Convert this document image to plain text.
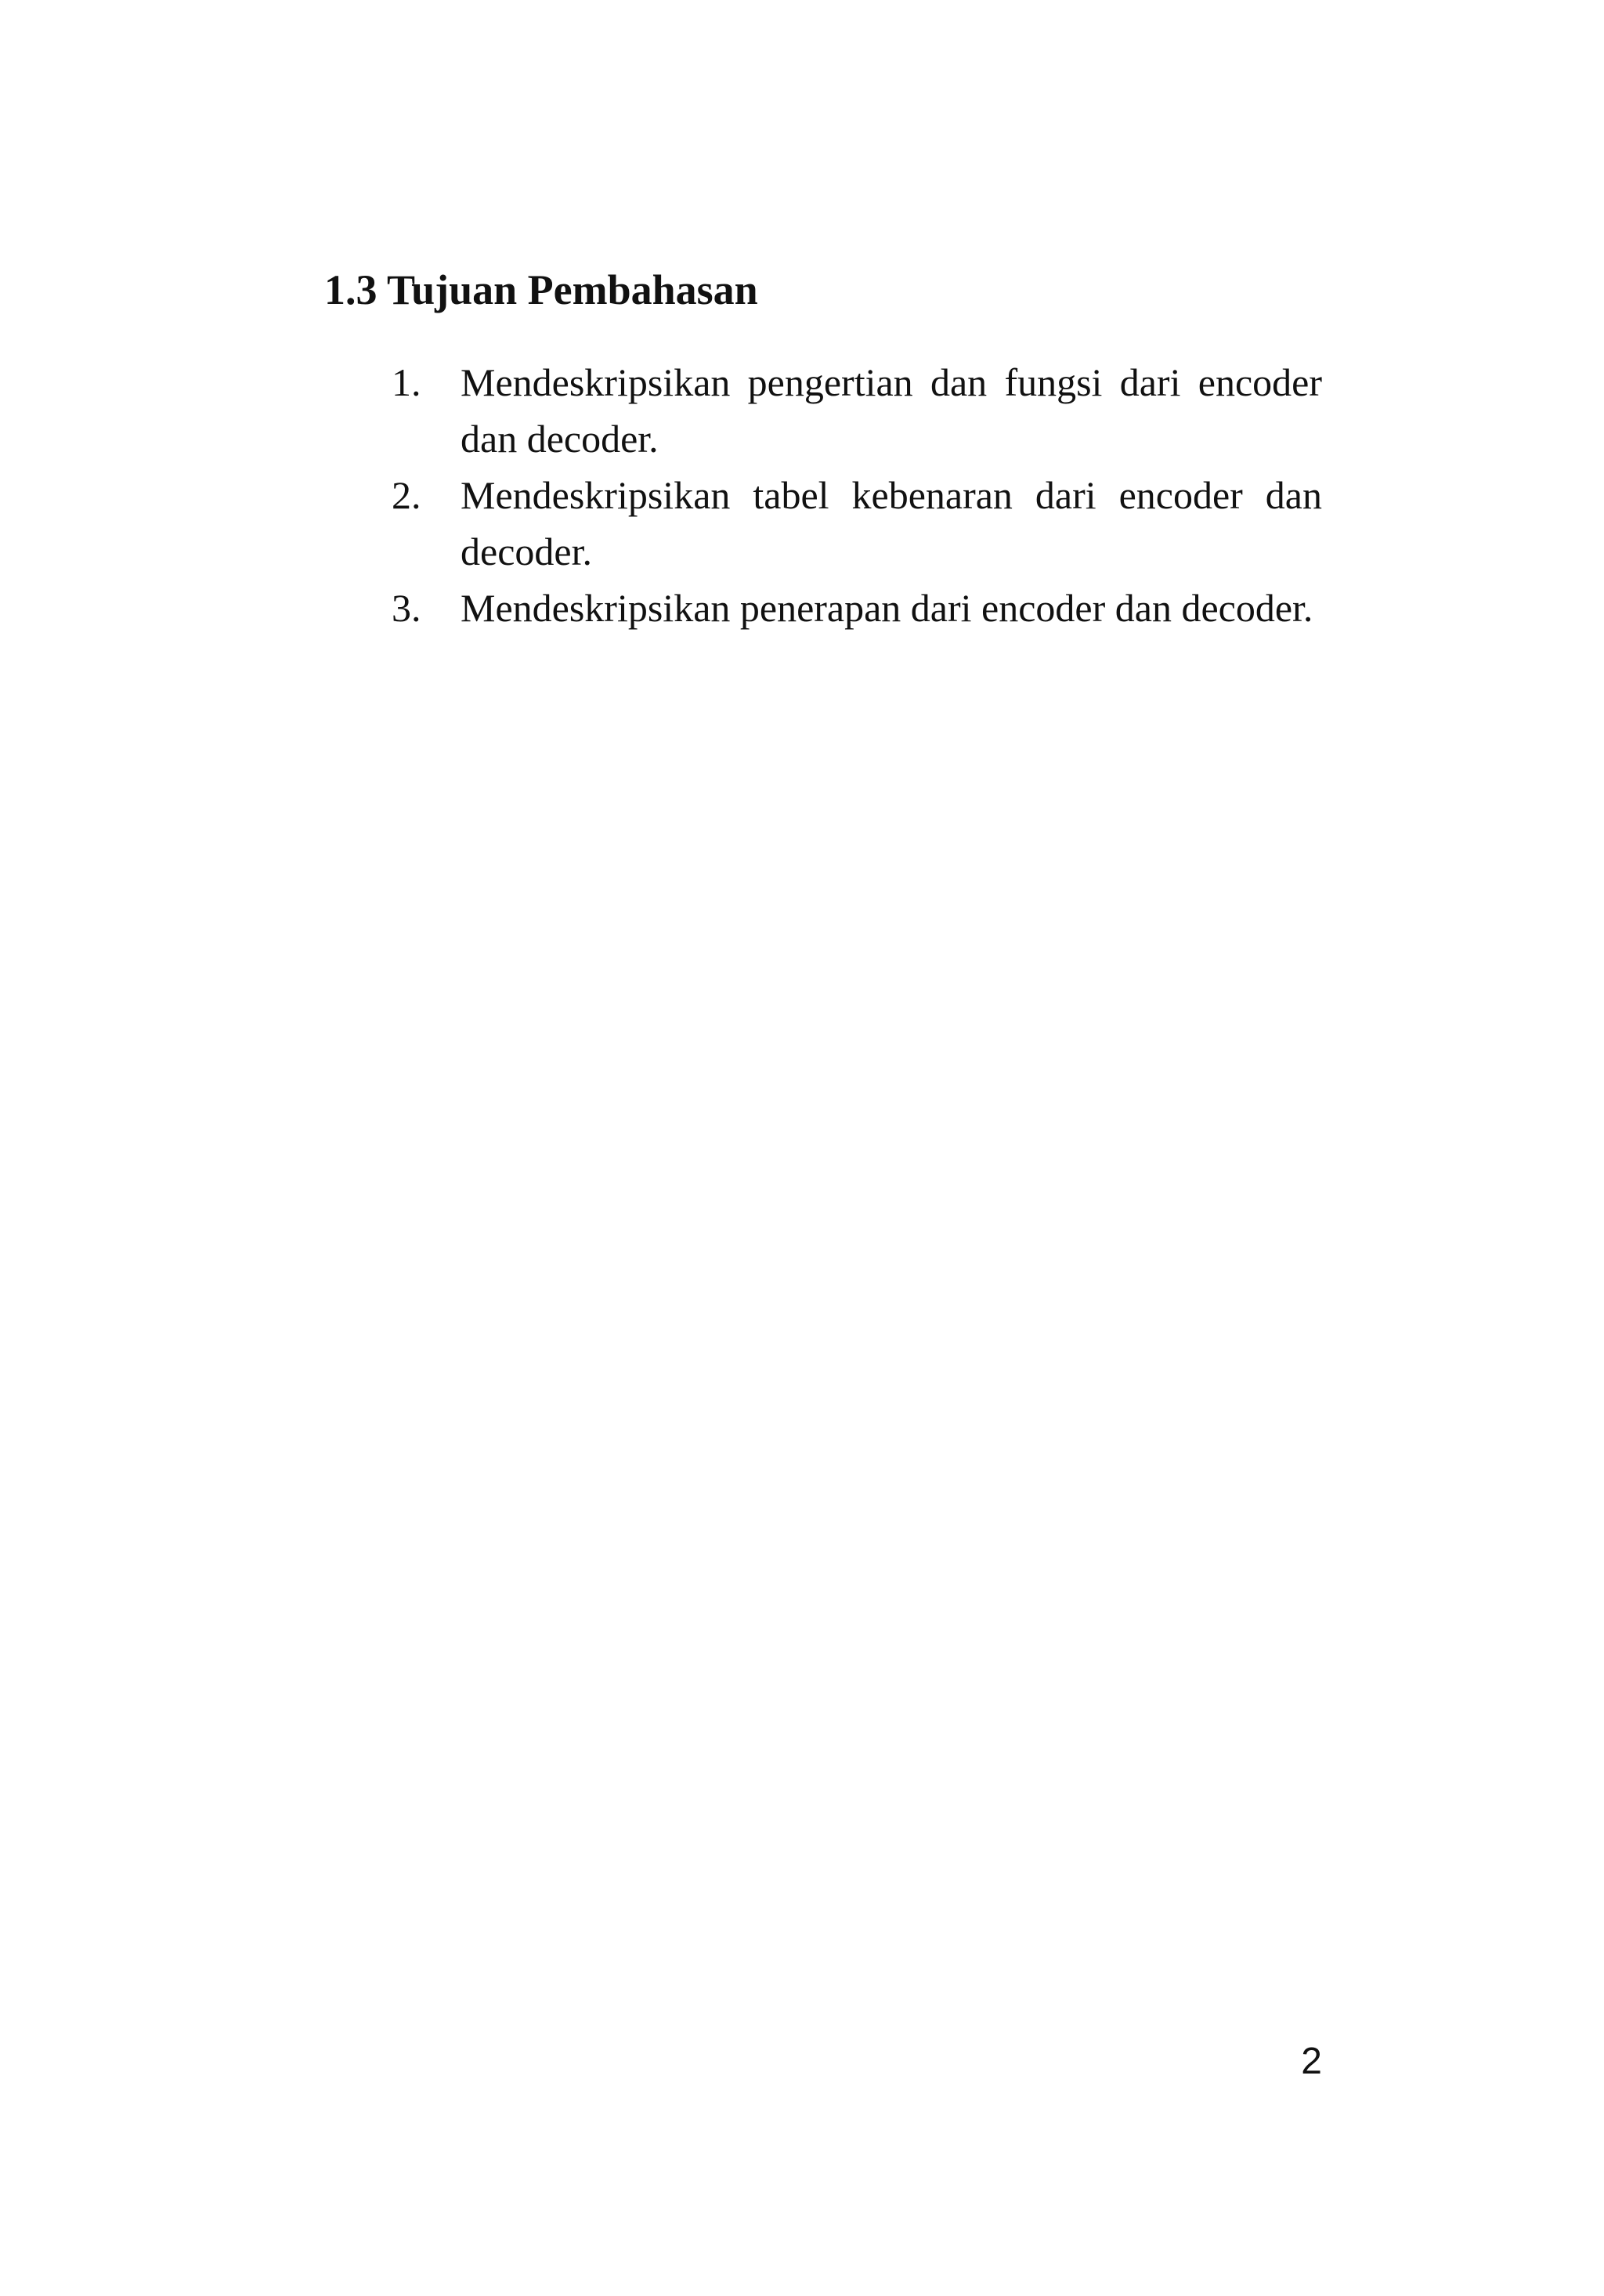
1.3 Tujuan Pembahasan
1.	Mendeskripsikan pengertian dan fungsi dari encoder dan decoder.
2.	Mendeskripsikan tabel kebenaran dari encoder dan decoder.
3.	Mendeskripsikan penerapan dari encoder dan decoder.

2
